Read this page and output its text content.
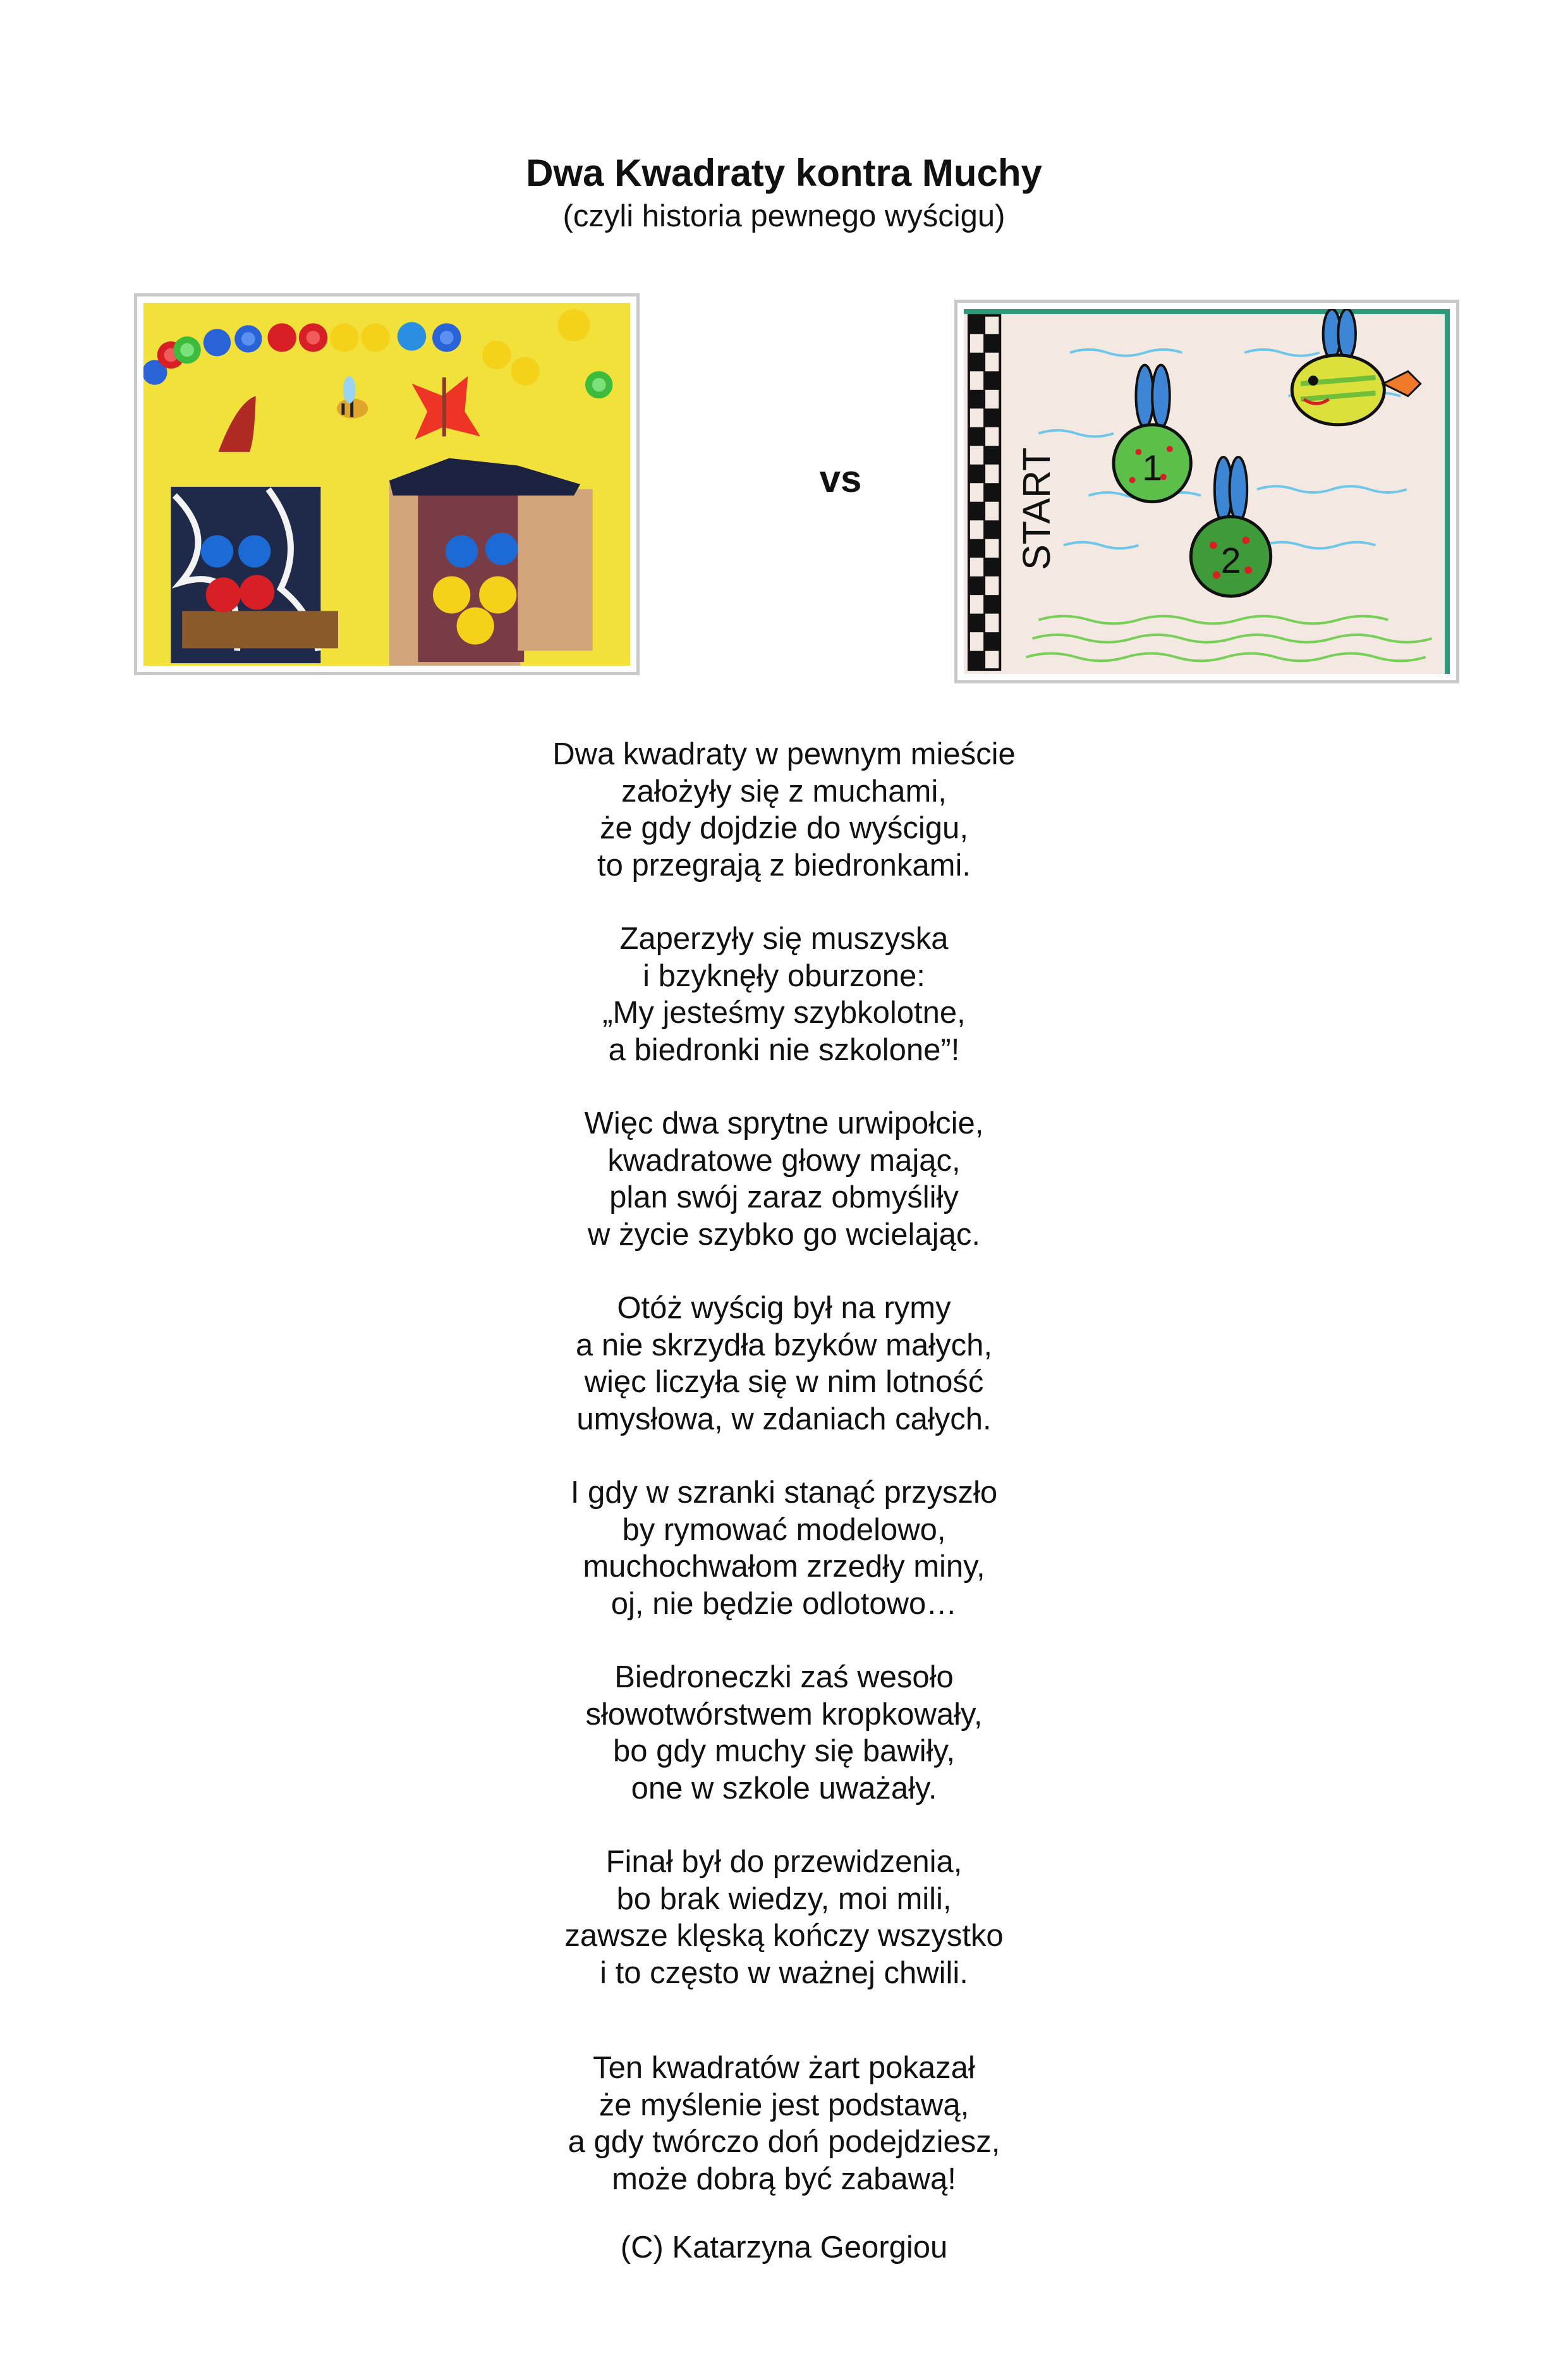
Dwa Kwadraty kontra Muchy
(czyli historia pewnego wyścigu)
vs	START 1
2
Dwa kwadraty w pewnym mieście
założyły się z muchami,
że gdy dojdzie do wyścigu,
to przegrają z biedronkami.
Zaperzyły się muszyska
i bzyknęły oburzone:
„My jesteśmy szybkolotne,
a biedronki nie szkolone”!
Więc dwa sprytne urwipołcie,
kwadratowe głowy mając,
plan swój zaraz obmyśliły
w życie szybko go wcielając.
Otóż wyścig był na rymy
a nie skrzydła bzyków małych,
więc liczyła się w nim lotność
umysłowa, w zdaniach całych.
I gdy w szranki stanąć przyszło
by rymować modelowo,
muchochwałom zrzedły miny,
oj, nie będzie odlotowo…
Biedroneczki zaś wesoło
słowotwórstwem kropkowały,
bo gdy muchy się bawiły,
one w szkole uważały.
Finał był do przewidzenia,
bo brak wiedzy, moi mili,
zawsze klęską kończy wszystko
i to często w ważnej chwili.
Ten kwadratów żart pokazał
że myślenie jest podstawą,
a gdy twórczo doń podejdziesz,
może dobrą być zabawą!
(C) Katarzyna Georgiou
